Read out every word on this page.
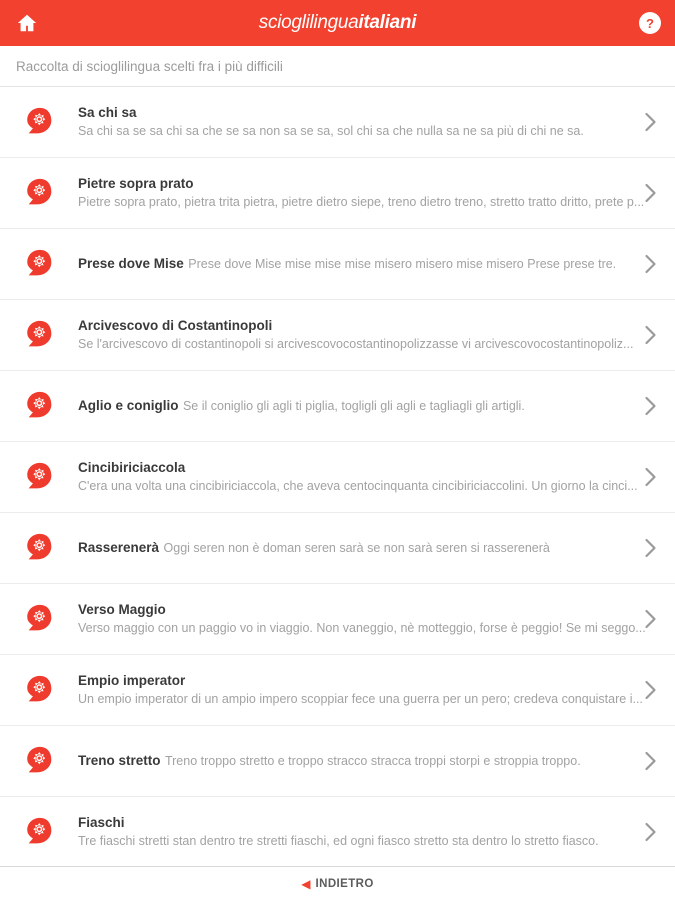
scioglilinguaitaliani	?
Raccolta di scioglilingua scelti fra i più difficili
Sa chi sa Sa chi sa se sa chi sa che se sa non sa se sa, sol chi sa che nulla sa ne sa più di chi ne sa.
Pietre sopra prato Pietre sopra prato, pietra trita pietra, pietre dietro siepe, treno dietro treno, stretto tratto dritto, prete p...
Prese dove Mise Prese dove Mise mise mise mise misero misero mise misero Prese prese tre.
Arcivescovo di Costantinopoli Se l'arcivescovo di costantinopoli si arcivescovocostantinopolizzasse vi arcivescovocostantinopoliz...
Aglio e coniglio Se il coniglio gli agli ti piglia, togligli gli agli e tagliagli gli artigli.
Cincibiriciaccola C'era una volta una cincibiriciaccola, che aveva centocinquanta cincibiriciaccolini. Un giorno la cinci...
Rasserenerà Oggi seren non è doman seren sarà se non sarà seren si rasserenerà
Verso Maggio Verso maggio con un paggio vo in viaggio. Non vaneggio, nè motteggio, forse è peggio! Se mi seggo...
Empio imperator Un empio imperator di un ampio impero scoppiar fece una guerra per un pero; credeva conquistare i...
Treno stretto Treno troppo stretto e troppo stracco stracca troppi storpi e stroppia troppo.
Fiaschi Tre fiaschi stretti stan dentro tre stretti fiaschi, ed ogni fiasco stretto sta dentro lo stretto fiasco.
◀ INDIETRO
